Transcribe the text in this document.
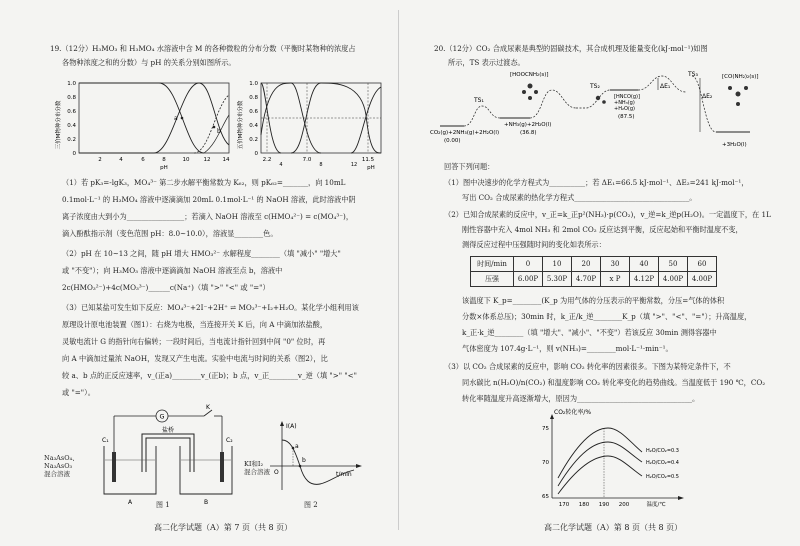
19.（12分）H₃MO₃ 和 H₃MO₄ 水溶液中含 M 的各种微粒的分布分数（平衡时某物种的浓度占
各物种浓度之和的分数）与 pH 的关系分别如图所示。
三价M物种分布分数
1.0
0.8
0.6
0.4
0.2
0
a
b
2	4	6	8	10	12 14
pH
五价M物种分布分数
1.0
0.8
0.6
0.4
0.2
0
2.2	7.0	11.5
4	8	12 pH
（1）若 pK₃=-lgK₃，MO₄³⁻ 第二步水解平衡常数为 K₆₂，则 pK₆₂=_______，向 10mL
0.1mol·L⁻¹ 的 H₃MO₄ 溶液中逐滴滴加 20mL 0.1mol·L⁻¹ 的 NaOH 溶液，此时溶液中阴
离子浓度由大到小为________________；若滴入 NaOH 溶液至 c(HMO₄²⁻) = c(MO₄³⁻)，
滴入酚酞指示剂（变色范围 pH：8.0~10.0），溶液显________色。
（2）pH 在 10~13 之间，随 pH 增大 HMO₃²⁻ 水解程度________（填 "减小" "增大"
或 "不变"）；向 H₃MO₃ 溶液中逐滴滴加 NaOH 溶液至点 b，溶液中
2c(HMO₃²⁻)+4c(MO₃³⁻)______c(Na⁺)（填 ">" "<" 或 "="）
（3）已知某盐可发生如下反应：MO₄³⁻+2I⁻+2H⁺ ⇌ MO₃³⁻+I₂+H₂O。某化学小组利用该
原理设计原电池装置（图1）：右烧为电极，当连接开关 K 后，向 A 中滴加浓盐酸，
灵敏电流计 G 的指针向右偏转；一段时间后，当电流计指针回到中间 "0" 位时，再
向 A 中滴加过量浓 NaOH，发现又产生电流。实验中电流与时间的关系（图2），比
较 a、b 点的正反应速率，v_(正a)________v_(正b)；b 点，v_正________v_逆（填 ">" "<"
或 "="）。
G
K
C₁	C₂
盐桥
A	B
Na₃AsO₄、
Na₃AsO₃
混合溶液
KI和I₂
混合溶液
图 1
I(A)
t/min
O
a
b
图 2
高二化学试题（A）第 7 页（共 8 页）
20.（12分）CO₂ 合成尿素是典型的固碳技术，其合成机理及能量变化(kJ·mol⁻¹)如图
所示，TS 表示过渡态。
TS₁
TS₂
TS₃
ΔE₁
ΔE₂
CO₂(g)+2NH₃(g)+2H₂O(l)
(0.00)
+NH₃(g)+2H₂O(l)
(36.8)
[HNCO(g)]
+NH₃(g)
+H₂O(g)
(87.5)
[HOOCNH₂(s)]	[CO(NH₂)₂(s)]
+3H₂O(l)
回答下列问题：
（1）图中决速步的化学方程式为__________；若 ΔE₁=66.5 kJ·mol⁻¹、ΔE₂=241 kJ·mol⁻¹，
写出 CO₂ 合成尿素的热化学方程式________________________________。
（2）已知合成尿素的反应中，v_正=k_正p²(NH₃)·p(CO₂)，v_逆=k_逆p(H₂O)。一定温度下，在 1L
刚性容器中充入 4mol NH₃ 和 2mol CO₂ 反应达到平衡，反应起始和平衡时温度不变，
测得反应过程中压强随时间的变化如表所示：
时间/min	0	10	20	30	40	50	60
压强	6.00P	5.30P	4.70P	x P	4.12P	4.00P	4.00P
该温度下 K_p=________(K_p 为用气体的分压表示的平衡常数，分压=气体的体积
分数×体系总压)；30min 时，k_正/k_逆________K_p（填 ">"、"<"、"="）；升高温度，
k_正·k_逆________（填 "增大"、"减小"、"不变"）若该反应 30min 测得容器中
气体密度为 107.4g·L⁻¹，则 v(NH₃)=________mol·L⁻¹·min⁻¹。
（3）以 CO₂ 合成尿素的反应中，影响 CO₂ 转化率的因素很多。下图为某特定条件下，不
同水碳比 n(H₂O)/n(CO₂) 和温度影响 CO₂ 转化率变化的趋势曲线。当温度低于 190 ℃，CO₂
转化率随温度升高逐渐增大，原因为________________________________。
CO₂转化率/%
75
70
65
170 180 190 200	温度/℃
H₂O/CO₂=0.3
H₂O/CO₂=0.4
H₂O/CO₂=0.5
高二化学试题（A）第 8 页（共 8 页）
